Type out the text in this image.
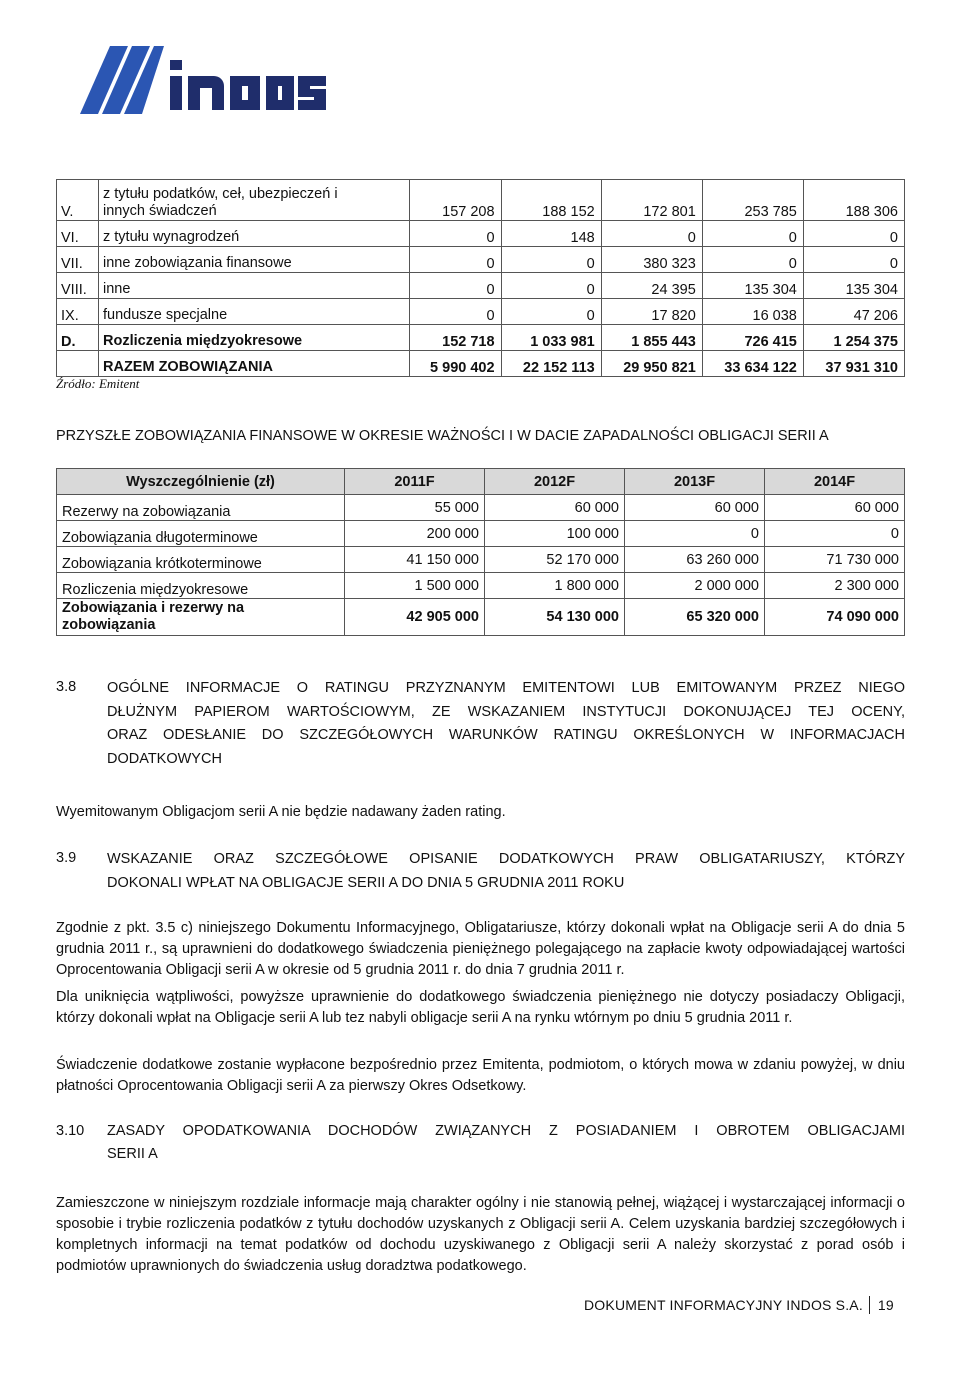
V.	z tytułu podatków, ceł, ubezpieczeń i
innych świadczeń	157 208	188 152	172 801	253 785	188 306
VI.	z tytułu wynagrodzeń	0	148	0	0	0
VII.	inne zobowiązania finansowe	0	0	380 323	0	0
VIII.	inne	0	0	24 395	135 304	135 304
IX.	fundusze specjalne	0	0	17 820	16 038	47 206
D.	Rozliczenia międzyokresowe	152 718	1 033 981	1 855 443	726 415	1 254 375
	RAZEM ZOBOWIĄZANIA	5 990 402	22 152 113	29 950 821	33 634 122	37 931 310
Źródło: Emitent
PRZYSZŁE ZOBOWIĄZANIA FINANSOWE W OKRESIE WAŻNOŚCI I W DACIE ZAPADALNOŚCI OBLIGACJI SERII A
Wyszczególnienie (zł)	2011F	2012F	2013F	2014F
Rezerwy na zobowiązania	55 000	60 000	60 000	60 000
Zobowiązania długoterminowe	200 000	100 000	0	0
Zobowiązania krótkoterminowe	41 150 000	52 170 000	63 260 000	71 730 000
Rozliczenia międzyokresowe	1 500 000	1 800 000	2 000 000	2 300 000
Zobowiązania i rezerwy na
zobowiązania	42 905 000	54 130 000	65 320 000	74 090 000
3.8 OGÓLNE INFORMACJE O RATINGU PRZYZNANYM EMITENTOWI LUB EMITOWANYM PRZEZ NIEGO
DŁUŻNYM PAPIEROM WARTOŚCIOWYM, ZE WSKAZANIEM INSTYTUCJI DOKONUJĄCEJ TEJ OCENY,
ORAZ ODESŁANIE DO SZCZEGÓŁOWYCH WARUNKÓW RATINGU OKREŚLONYCH W INFORMACJACH
DODATKOWYCH
Wyemitowanym Obligacjom serii A nie będzie nadawany żaden rating.
3.9 WSKAZANIE ORAZ SZCZEGÓŁOWE OPISANIE DODATKOWYCH PRAW OBLIGATARIUSZY, KTÓRZY
DOKONALI WPŁAT NA OBLIGACJE SERII A DO DNIA 5 GRUDNIA 2011 ROKU
Zgodnie z pkt. 3.5 c) niniejszego Dokumentu Informacyjnego, Obligatariusze, którzy dokonali wpłat na Obligacje serii A do dnia 5 grudnia 2011 r., są uprawnieni do dodatkowego świadczenia pieniężnego polegającego na zapłacie kwoty odpowiadającej wartości Oprocentowania Obligacji serii A w okresie od 5 grudnia 2011 r. do dnia 7 grudnia 2011 r.
Dla uniknięcia wątpliwości, powyższe uprawnienie do dodatkowego świadczenia pieniężnego nie dotyczy posiadaczy Obligacji, którzy dokonali wpłat na Obligacje serii A lub tez nabyli obligacje serii A na rynku wtórnym po dniu 5 grudnia 2011 r.
Świadczenie dodatkowe zostanie wypłacone bezpośrednio przez Emitenta, podmiotom, o których mowa w zdaniu powyżej, w dniu płatności Oprocentowania Obligacji serii A za pierwszy Okres Odsetkowy.
3.10 ZASADY OPODATKOWANIA DOCHODÓW ZWIĄZANYCH Z POSIADANIEM I OBROTEM OBLIGACJAMI
SERII A
Zamieszczone w niniejszym rozdziale informacje mają charakter ogólny i nie stanowią pełnej, wiążącej i wystarczającej informacji o sposobie i trybie rozliczenia podatków z tytułu dochodów uzyskanych z Obligacji serii A. Celem uzyskania bardziej szczegółowych i kompletnych informacji na temat podatków od dochodu uzyskiwanego z Obligacji serii A należy skorzystać z porad osób i podmiotów uprawnionych do świadczenia usług doradztwa podatkowego.
DOKUMENT INFORMACYJNY INDOS S.A. 19
